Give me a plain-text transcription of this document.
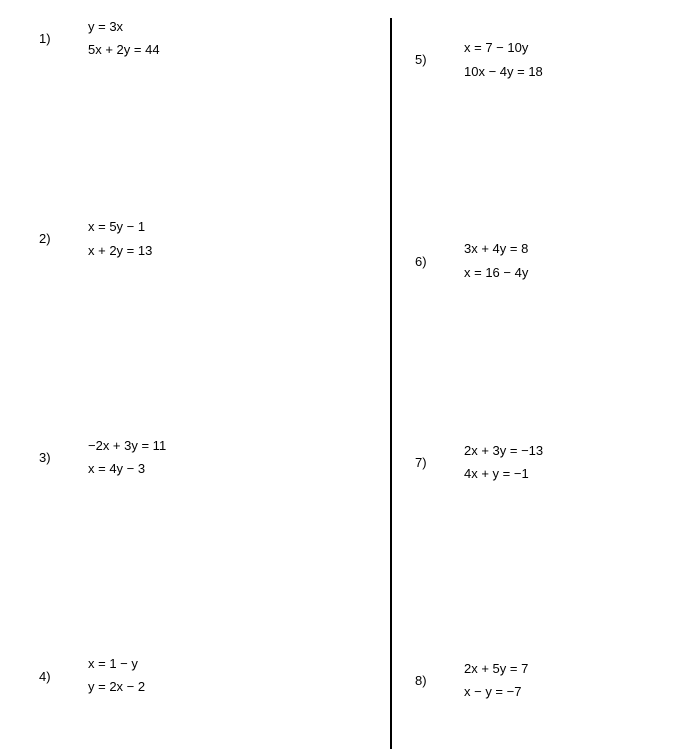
1)
y = 3x
5x + 2y = 44
2)
x = 5y − 1
x + 2y = 13
3)
−2x + 3y = 11
x = 4y − 3
4)
x = 1 − y
y = 2x − 2
5)
x = 7 − 10y
10x − 4y = 18
6)
3x + 4y = 8
x = 16 − 4y
7)
2x + 3y = −13
4x + y = −1
8)
2x + 5y = 7
x − y = −7
